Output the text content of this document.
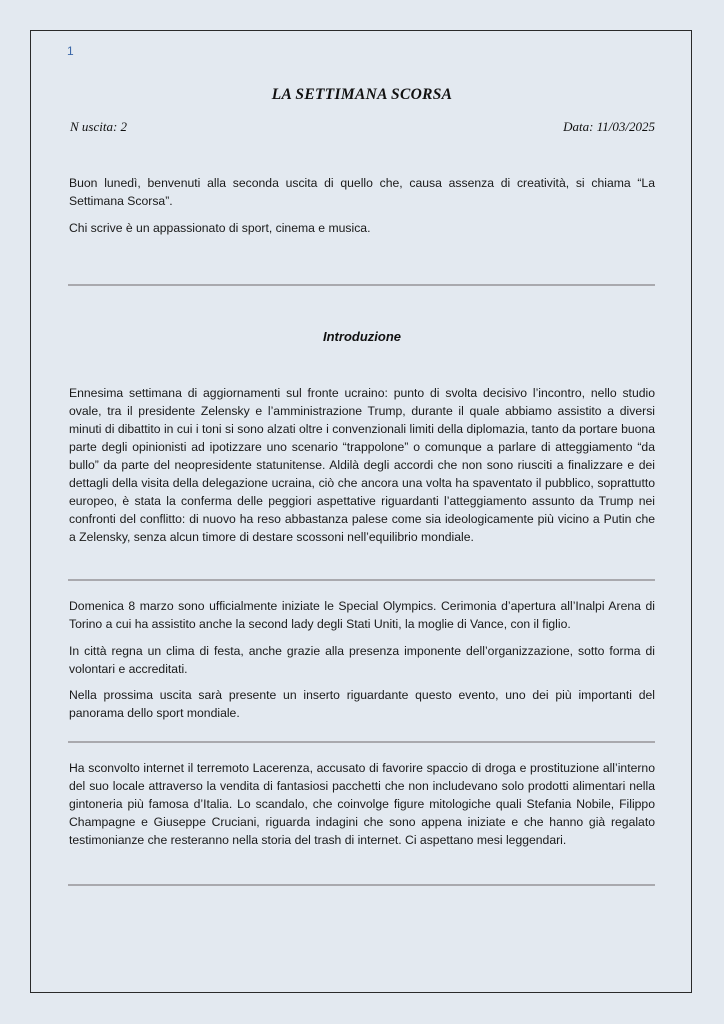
1
LA SETTIMANA SCORSA
N uscita: 2	Data: 11/03/2025

Buon lunedì, benvenuti alla seconda uscita di quello che, causa assenza di creatività, si chiama “La Settimana Scorsa”.

Chi scrive è un appassionato di sport, cinema e musica.

Introduzione

Ennesima settimana di aggiornamenti sul fronte ucraino: punto di svolta decisivo l’incontro, nello studio ovale, tra il presidente Zelensky e l’amministrazione Trump, durante il quale abbiamo assistito a diversi minuti di dibattito in cui i toni si sono alzati oltre i convenzionali limiti della diplomazia, tanto da portare buona parte degli opinionisti ad ipotizzare uno scenario “trappolone” o comunque a parlare di atteggiamento “da bullo” da parte del neopresidente statunitense. Aldilà degli accordi che non sono riusciti a finalizzare e dei dettagli della visita della delegazione ucraina, ciò che ancora una volta ha spaventato il pubblico, soprattutto europeo, è stata la conferma delle peggiori aspettative riguardanti l’atteggiamento assunto da Trump nei confronti del conflitto: di nuovo ha reso abbastanza palese come sia ideologicamente più vicino a Putin che a Zelensky, senza alcun timore di destare scossoni nell’equilibrio mondiale.

Domenica 8 marzo sono ufficialmente iniziate le Special Olympics. Cerimonia d’apertura all’Inalpi Arena di Torino a cui ha assistito anche la second lady degli Stati Uniti, la moglie di Vance, con il figlio.

In città regna un clima di festa, anche grazie alla presenza imponente dell’organizzazione, sotto forma di volontari e accreditati.

Nella prossima uscita sarà presente un inserto riguardante questo evento, uno dei più importanti del panorama dello sport mondiale.

Ha sconvolto internet il terremoto Lacerenza, accusato di favorire spaccio di droga e prostituzione all’interno del suo locale attraverso la vendita di fantasiosi pacchetti che non includevano solo prodotti alimentari nella gintoneria più famosa d’Italia. Lo scandalo, che coinvolge figure mitologiche quali Stefania Nobile, Filippo Champagne e Giuseppe Cruciani, riguarda indagini che sono appena iniziate e che hanno già regalato testimonianze che resteranno nella storia del trash di internet. Ci aspettano mesi leggendari.
